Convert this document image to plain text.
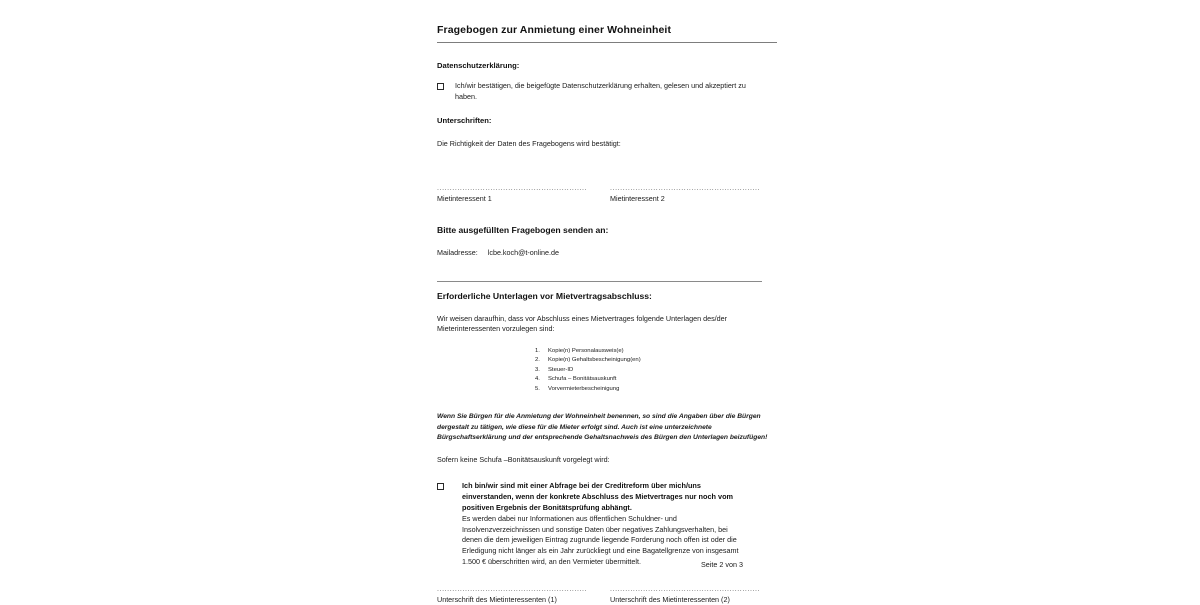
Fragebogen zur Anmietung einer Wohneinheit
Datenschutzerklärung:
Ich/wir bestätigen, die beigefügte Datenschutzerklärung erhalten, gelesen und akzeptiert zu haben.
Unterschriften:
Die Richtigkeit der Daten des Fragebogens wird bestätigt:
...........................................................
Mietinteressent 1
...........................................................
Mietinteressent 2
Bitte ausgefüllten Fragebogen senden an:
Mailadresse: lcbe.koch@t-online.de
Erforderliche Unterlagen vor Mietvertragsabschluss:
Wir weisen daraufhin, dass vor Abschluss eines Mietvertrages folgende Unterlagen des/der Mieterinteressenten vorzulegen sind:
1.	Kopie(n) Personalausweis(e)
2.	Kopie(n) Gehaltsbescheinigung(en)
3.	Steuer-ID
4.	Schufa – Bonitätsauskunft
5.	Vorvermieterbescheinigung
Wenn Sie Bürgen für die Anmietung der Wohneinheit benennen, so sind die Angaben über die Bürgen dergestalt zu tätigen, wie diese für die Mieter erfolgt sind. Auch ist eine unterzeichnete Bürgschaftserklärung und der entsprechende Gehaltsnachweis des Bürgen den Unterlagen beizufügen!
Sofern keine Schufa –Bonitätsauskunft vorgelegt wird:
Ich bin/wir sind mit einer Abfrage bei der Creditreform über mich/uns einverstanden, wenn der konkrete Abschluss des Mietvertrages nur noch vom positiven Ergebnis der Bonitätsprüfung abhängt.
Es werden dabei nur Informationen aus öffentlichen Schuldner- und Insolvenzverzeichnissen und sonstige Daten über negatives Zahlungsverhalten, bei denen die dem jeweiligen Eintrag zugrunde liegende Forderung noch offen ist oder die Erledigung nicht länger als ein Jahr zurückliegt und eine Bagatellgrenze von insgesamt 1.500 € überschritten wird, an den Vermieter übermittelt.
...........................................................
Unterschrift des Mietinteressenten (1)
...........................................................
Unterschrift des Mietinteressenten (2)
Seite 2 von 3
